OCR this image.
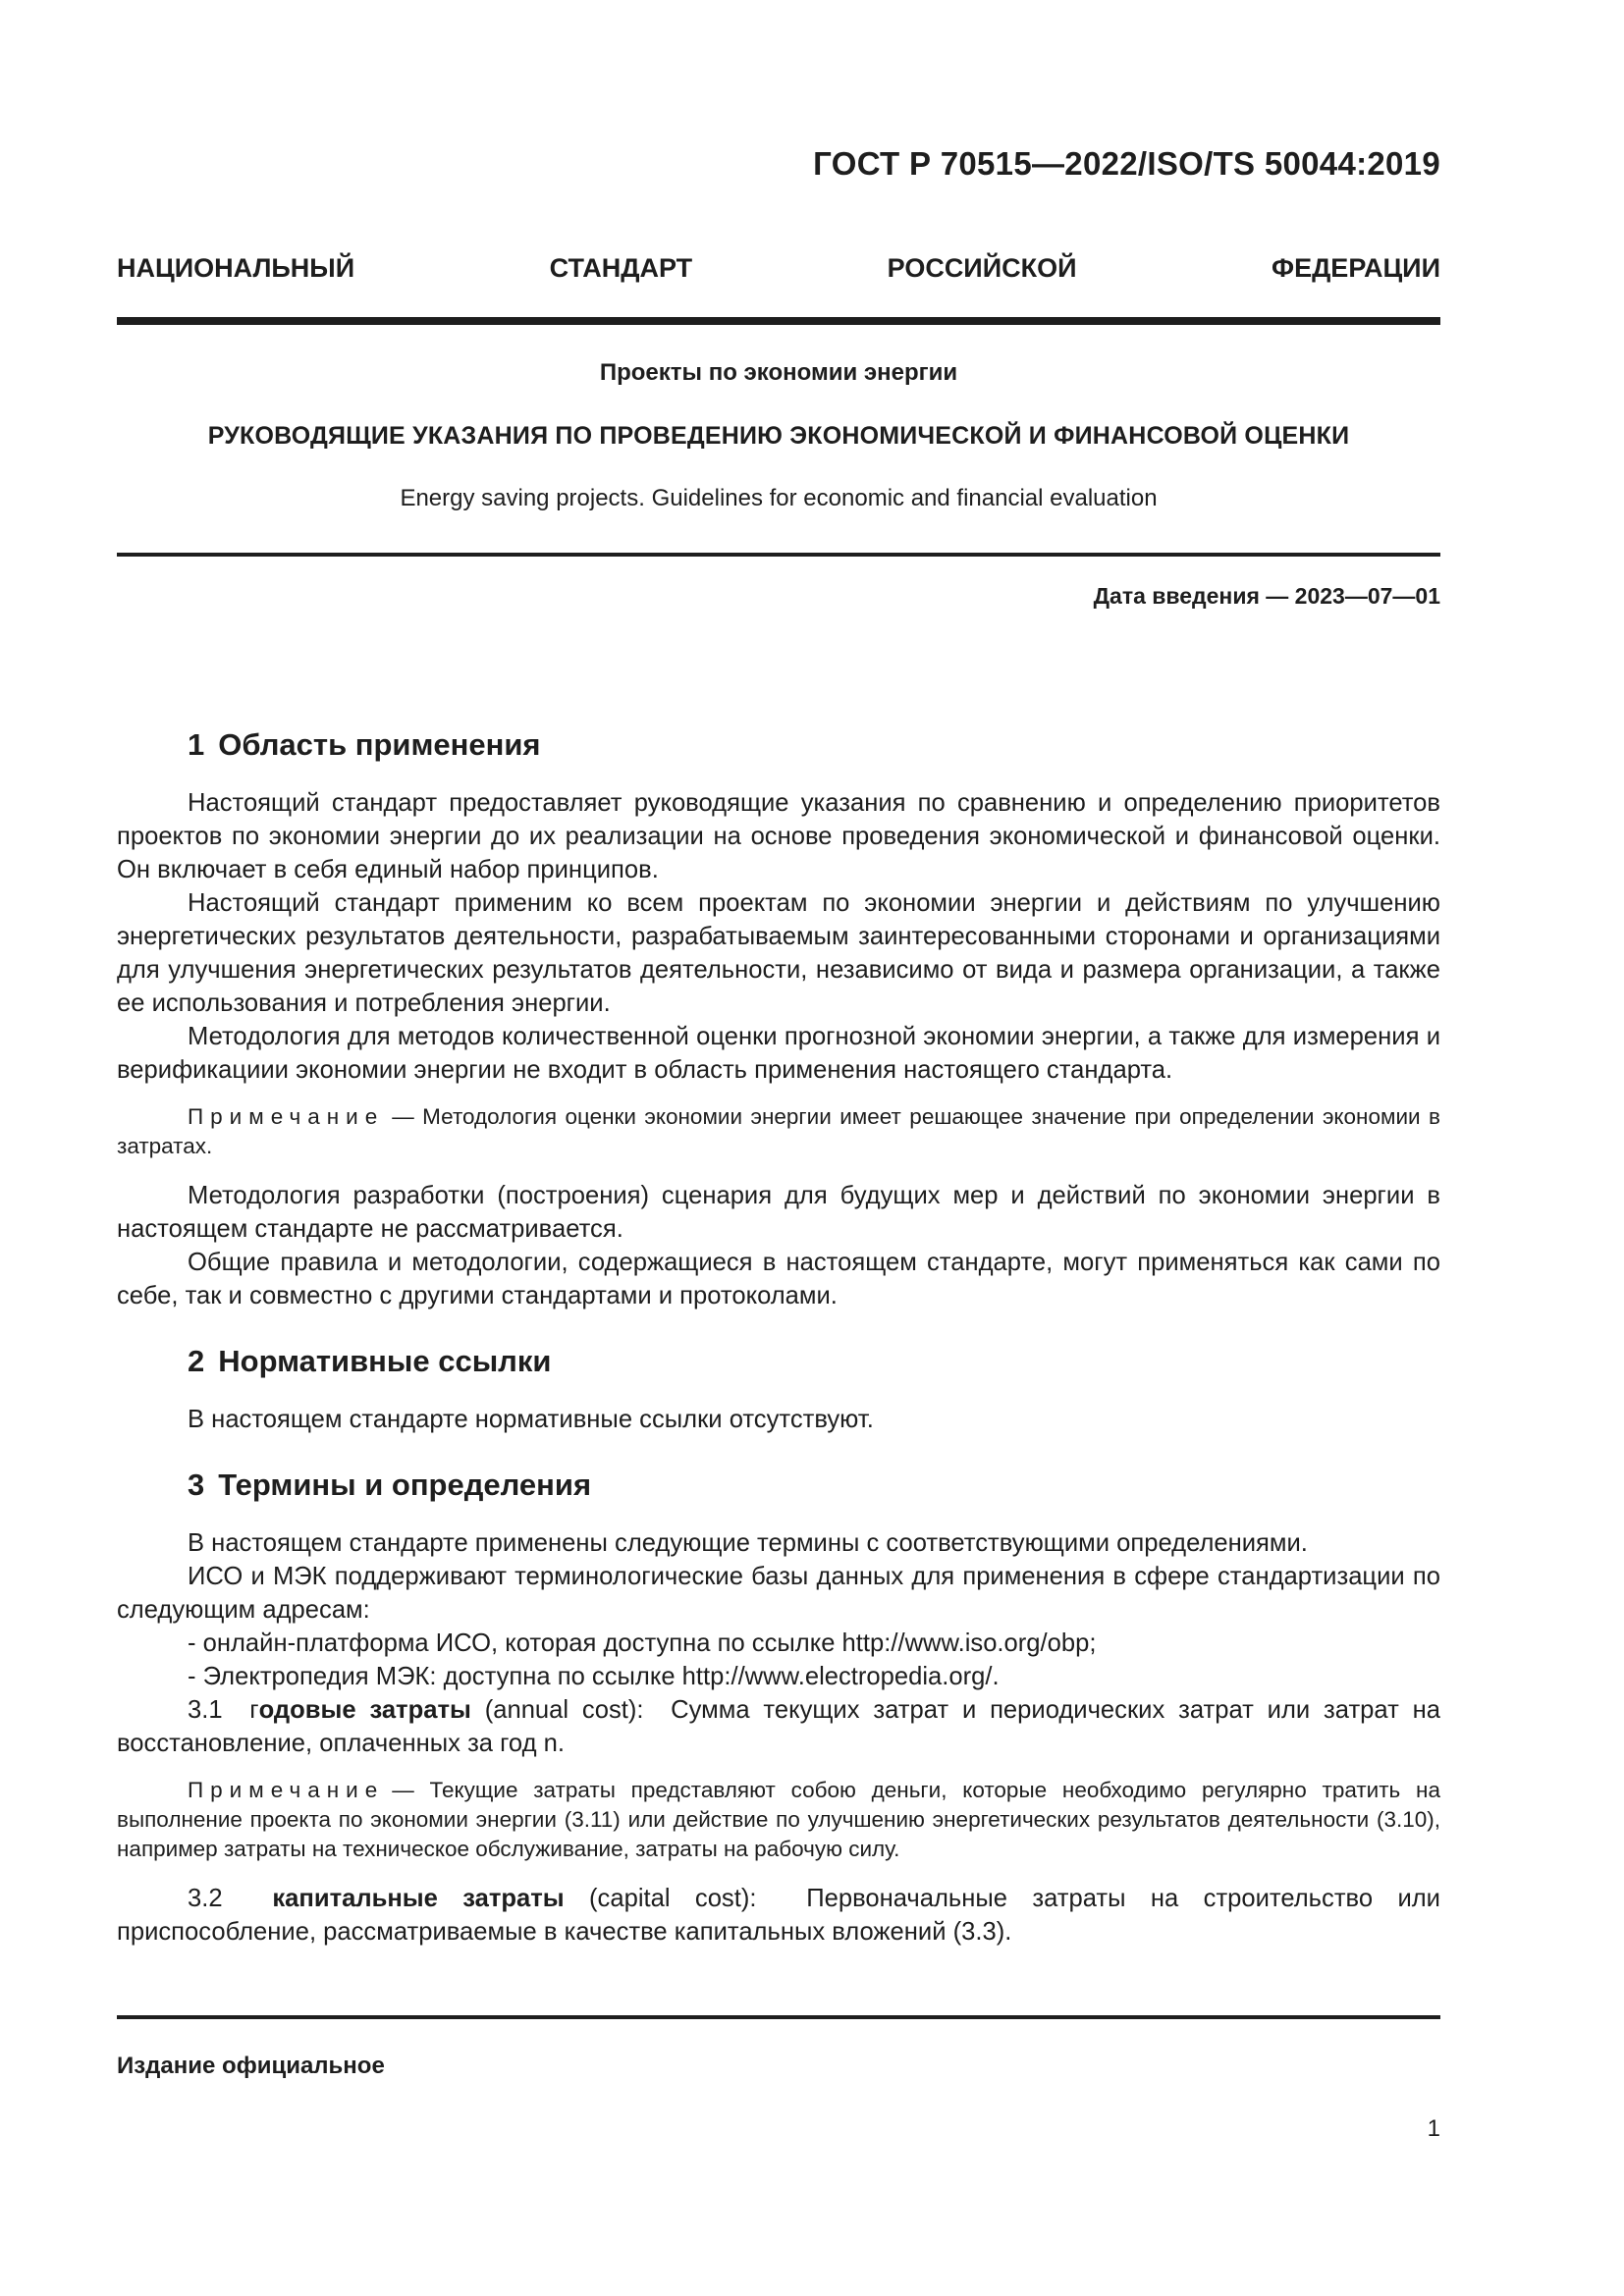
ГОСТ Р 70515—2022/ISO/TS 50044:2019
НАЦИОНАЛЬНЫЙ СТАНДАРТ РОССИЙСКОЙ ФЕДЕРАЦИИ
Проекты по экономии энергии
РУКОВОДЯЩИЕ УКАЗАНИЯ ПО ПРОВЕДЕНИЮ ЭКОНОМИЧЕСКОЙ И ФИНАНСОВОЙ ОЦЕНКИ
Energy saving projects. Guidelines for economic and financial evaluation
Дата введения — 2023—07—01
1 Область применения

Настоящий стандарт предоставляет руководящие указания по сравнению и определению приоритетов проектов по экономии энергии до их реализации на основе проведения экономической и финансовой оценки. Он включает в себя единый набор принципов.

Настоящий стандарт применим ко всем проектам по экономии энергии и действиям по улучшению энергетических результатов деятельности, разрабатываемым заинтересованными сторонами и организациями для улучшения энергетических результатов деятельности, независимо от вида и размера организации, а также ее использования и потребления энергии.

Методология для методов количественной оценки прогнозной экономии энергии, а также для измерения и верификациии экономии энергии не входит в область применения настоящего стандарта.

Примечание — Методология оценки экономии энергии имеет решающее значение при определении экономии в затратах.

Методология разработки (построения) сценария для будущих мер и действий по экономии энергии в настоящем стандарте не рассматривается.

Общие правила и методологии, содержащиеся в настоящем стандарте, могут применяться как сами по себе, так и совместно с другими стандартами и протоколами.

2 Нормативные ссылки

В настоящем стандарте нормативные ссылки отсутствуют.

3 Термины и определения

В настоящем стандарте применены следующие термины с соответствующими определениями.

ИСО и МЭК поддерживают терминологические базы данных для применения в сфере стандартизации по следующим адресам:

- онлайн-платформа ИСО, которая доступна по ссылке http://www.iso.org/obp;
- Электропедия МЭК: доступна по ссылке http://www.electropedia.org/.

3.1 годовые затраты (annual cost): Сумма текущих затрат и периодических затрат или затрат на восстановление, оплаченных за год n.

Примечание — Текущие затраты представляют собою деньги, которые необходимо регулярно тратить на выполнение проекта по экономии энергии (3.11) или действие по улучшению энергетических результатов деятельности (3.10), например затраты на техническое обслуживание, затраты на рабочую силу.

3.2 капитальные затраты (capital cost): Первоначальные затраты на строительство или приспособление, рассматриваемые в качестве капитальных вложений (3.3).

Издание официальное
1
